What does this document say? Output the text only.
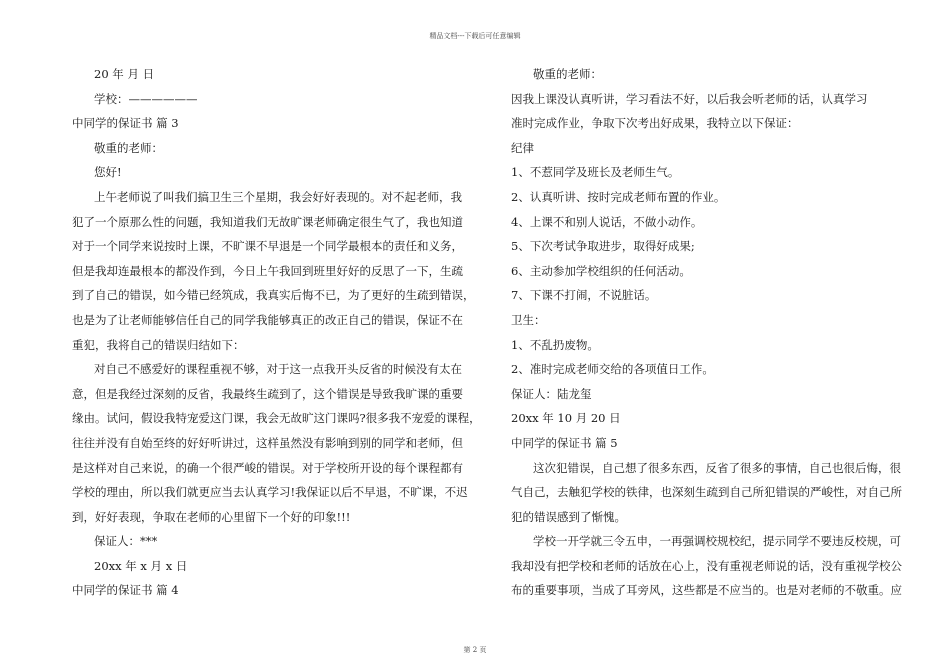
精品文档---下载后可任意编辑

20 年 月 日

学校：——————

中同学的保证书 篇 3

敬重的老师：

您好!

上午老师说了叫我们搞卫生三个星期，我会好好表现的。对不起老师，我

犯了一个原那么性的问题，我知道我们无故旷课老师确定很生气了，我也知道

对于一个同学来说按时上课，不旷课不早退是一个同学最根本的责任和义务，

但是我却连最根本的都没作到，今日上午我回到班里好好的反思了一下，生疏

到了自己的错误，如今错已经筑成，我真实后悔不已，为了更好的生疏到错误，

也是为了让老师能够信任自己的同学我能够真正的改正自己的错误，保证不在

重犯，我将自己的错误归结如下：

对自己不感爱好的课程重视不够，对于这一点我开头反省的时候没有太在

意，但是我经过深刻的反省，我最终生疏到了，这个错误是导致我旷课的重要

缘由。试问，假设我特宠爱这门课，我会无故旷这门课吗?很多我不宠爱的课程，

往往并没有自始至终的好好听讲过，这样虽然没有影响到别的同学和老师，但

是这样对自己来说，的确一个很严峻的错误。对于学校所开设的每个课程都有

学校的理由，所以我们就更应当去认真学习!我保证以后不早退，不旷课，不迟

到，好好表现，争取在老师的心里留下一个好的印象!!!

保证人：***

20xx 年 x 月 x 日

中同学的保证书 篇 4

敬重的老师：

因我上课没认真听讲，学习看法不好，以后我会听老师的话，认真学习

准时完成作业，争取下次考出好成果，我特立以下保证：

纪律

1、不惹同学及班长及老师生气。

2、认真听讲、按时完成老师布置的作业。

4、上课不和别人说话，不做小动作。

5、下次考试争取进步，取得好成果;

6、主动参加学校组织的任何活动。

7、下课不打闹，不说脏话。

卫生：

1、不乱扔废物。

2、准时完成老师交给的各项值日工作。

保证人：陆龙玺

20xx 年 10 月 20 日

中同学的保证书 篇 5

这次犯错误，自己想了很多东西，反省了很多的事情，自己也很后悔，很

气自己，去触犯学校的铁律，也深刻生疏到自己所犯错误的严峻性，对自己所

犯的错误感到了惭愧。

学校一开学就三令五申，一再强调校规校纪，提示同学不要违反校规，可

我却没有把学校和老师的话放在心上，没有重视老师说的话，没有重视学校公

布的重要事项，当成了耳旁风，这些都是不应当的。也是对老师的不敬重。应

第 2 页
